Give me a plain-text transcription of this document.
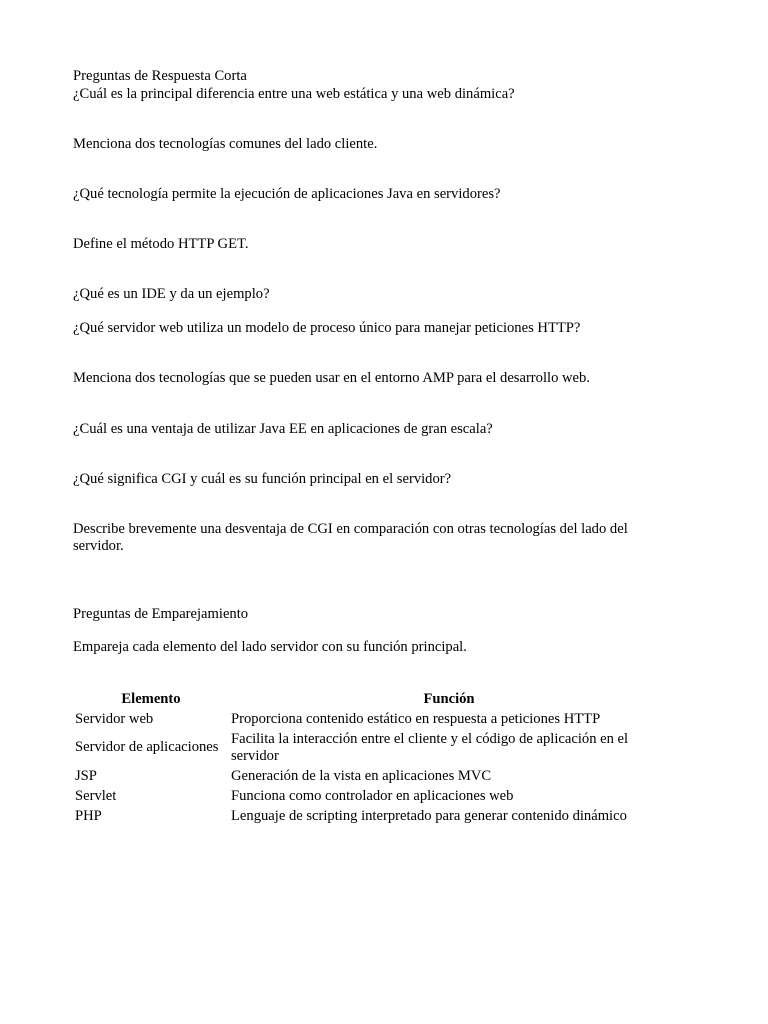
Preguntas de Respuesta Corta

¿Cuál es la principal diferencia entre una web estática y una web dinámica?

Menciona dos tecnologías comunes del lado cliente.

¿Qué tecnología permite la ejecución de aplicaciones Java en servidores?

Define el método HTTP GET.

¿Qué es un IDE y da un ejemplo?

¿Qué servidor web utiliza un modelo de proceso único para manejar peticiones HTTP?

Menciona dos tecnologías que se pueden usar en el entorno AMP para el desarrollo web.

¿Cuál es una ventaja de utilizar Java EE en aplicaciones de gran escala?

¿Qué significa CGI y cuál es su función principal en el servidor?

Describe brevemente una desventaja de CGI en comparación con otras tecnologías del lado del servidor.

Preguntas de Emparejamiento

Empareja cada elemento del lado servidor con su función principal.

Elemento	Función
Servidor web	Proporciona contenido estático en respuesta a peticiones HTTP
Servidor de aplicaciones	Facilita la interacción entre el cliente y el código de aplicación en el servidor
JSP	Generación de la vista en aplicaciones MVC
Servlet	Funciona como controlador en aplicaciones web
PHP	Lenguaje de scripting interpretado para generar contenido dinámico
